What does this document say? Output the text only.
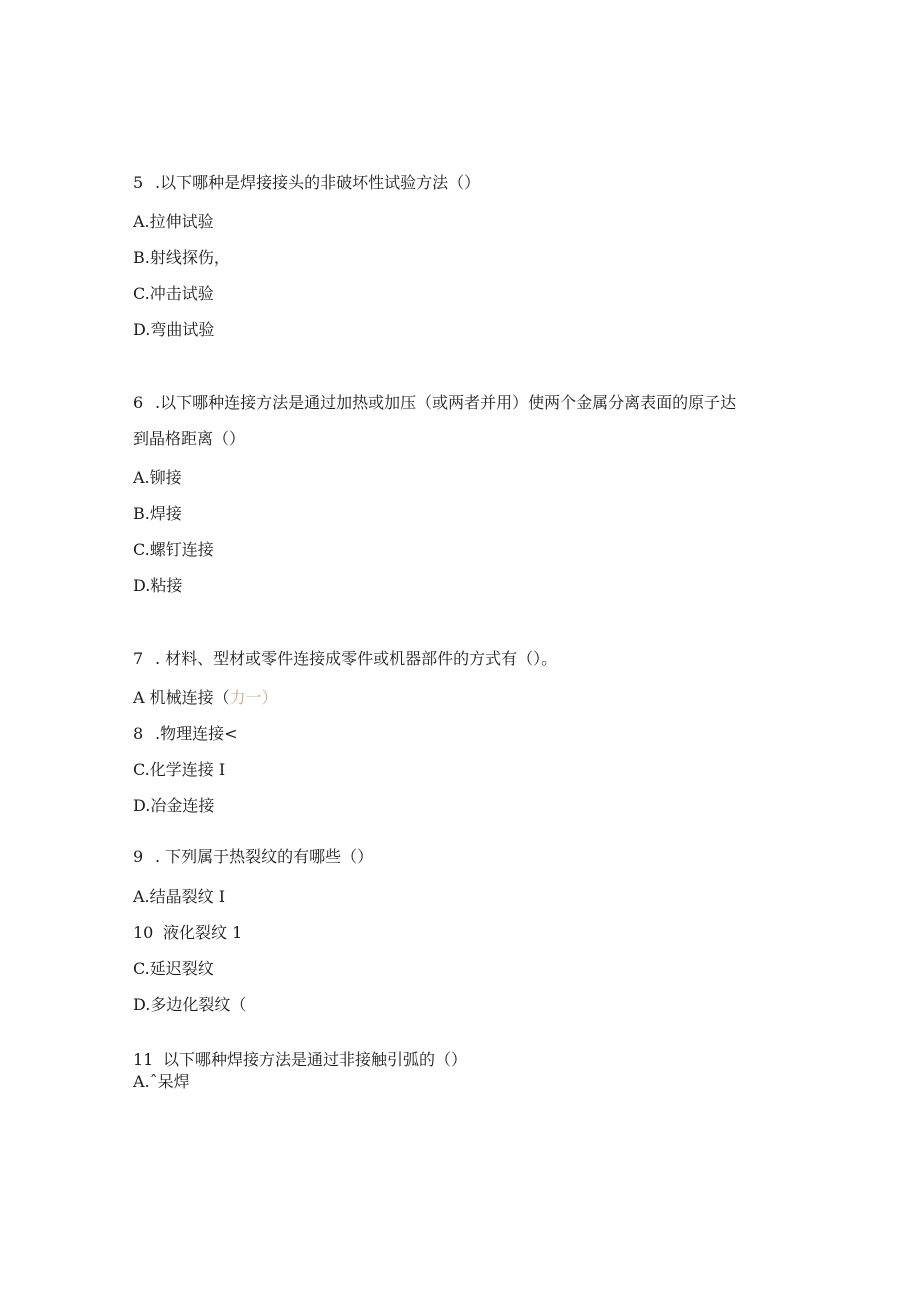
5 .以下哪种是焊接接头的非破坏性试验方法（）
A.拉伸试验
B.射线探伤，
C.冲击试验
D.弯曲试验
6 .以下哪种连接方法是通过加热或加压（或两者并用）使两个金属分离表面的原子达
到晶格距离（）
A.铆接
B.焊接
C.螺钉连接
D.粘接
7 . 材料、型材或零件连接成零件或机器部件的方式有（）。
A 机械连接（力一）
8 .物理连接<
C.化学连接 I
D.冶金连接
9 . 下列属于热裂纹的有哪些（）
A.结晶裂纹 I
10 液化裂纹 1
C.延迟裂纹
D.多边化裂纹（
11 以下哪种焊接方法是通过非接触引弧的（）
A.ˆ呆焊
